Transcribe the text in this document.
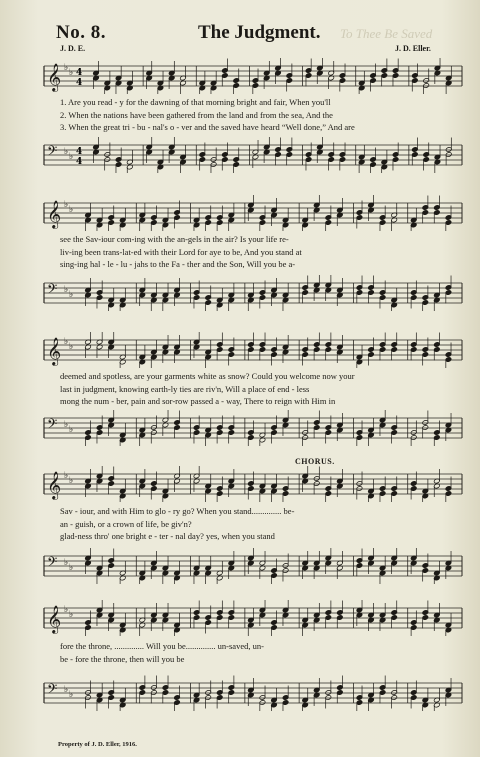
No. 8.	The Judgment. To Thee Be Saved
J. D. E.	J. D. Eller.
𝄞 ♭ ♭ 4
4
1. Are you read - y for the dawning of that morning bright and fair, When you'll
2. When the nations have been gathered from the land and from the sea, And the
3. When the great tri - bu - nal's o - ver and the saved have heard “Well done,” And are
𝄢 ♭ ♭ 4
4
𝄞 ♭ ♭
see the Sav-iour com-ing with the an-gels in the air? Is your life re-
liv-ing been trans-lat-ed with their Lord for aye to be, And you stand at
sing-ing hal - le - lu - jahs to the Fa - ther and the Son, Will you be a-
𝄢 ♭ ♭
𝄞 ♭ ♭
deemed and spotless, are your garments white as snow? Could you welcome now your
last in judgment, knowing earth-ly ties are riv'n, Will a place of end - less
mong the num - ber, pain and sor-row passed a - way, There to reign with Him in
𝄢 ♭ ♭
CHORUS.
𝄞 ♭ ♭
Sav - iour, and with Him to glo - ry go? When you stand.............. be-
an - guish, or a crown of life, be giv'n?
glad-ness thro' one bright e - ter - nal day? yes, when you stand
𝄢 ♭ ♭
𝄞 ♭ ♭
fore the throne, .............. Will you be.............. un-saved, un-
be - fore the throne, then will you be
𝄢 ♭ ♭
Property of J. D. Eller, 1916.
